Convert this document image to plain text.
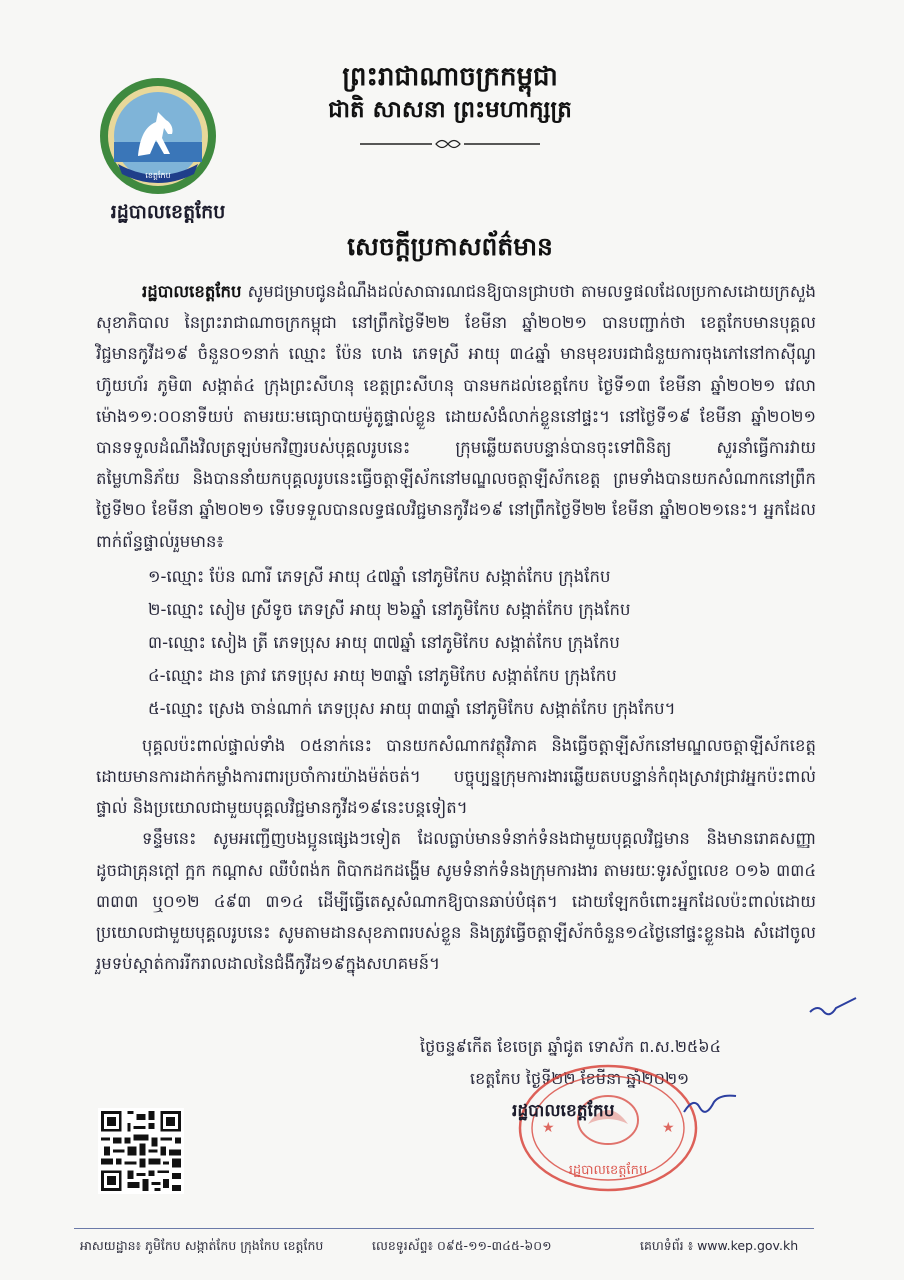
ខេត្តកែប
រដ្ឋបាលខេត្តកែប
ព្រះរាជាណាចក្រកម្ពុជា
ជាតិ សាសនា ព្រះមហាក្សត្រ
សេចក្តីប្រកាសព័ត៌មាន

រដ្ឋបាលខេត្តកែប សូមជម្រាបជូនដំណឹងដល់សាធារណជនឱ្យបានជ្រាបថា តាមលទ្ធផលដែលប្រកាសដោយក្រសួងសុខាភិបាល នៃព្រះរាជាណាចក្រកម្ពុជា នៅព្រឹកថ្ងៃទី២២ ខែមីនា ឆ្នាំ២០២១ បានបញ្ជាក់ថា ខេត្តកែបមានបុគ្គលវិជ្ជមានកូវីដ១៩ ចំនួន០១នាក់ ឈ្មោះ ប៉ែន ហេង ភេទស្រី អាយុ ៣៤ឆ្នាំ មានមុខរបរជាជំនួយការចុងភៅនៅកាស៊ីណូ ហ៊ូយហ័រ ភូមិ៣ សង្កាត់៤ ក្រុងព្រះសីហនុ ខេត្តព្រះសីហនុ បានមកដល់ខេត្តកែប ថ្ងៃទី១៣ ខែមីនា ឆ្នាំ២០២១ វេលាម៉ោង១១:០០នាទីយប់ តាមរយៈមធ្យោបាយម៉ូតូផ្ទាល់ខ្លួន ដោយសំងំលាក់ខ្លួននៅផ្ទះ។ នៅថ្ងៃទី១៩ ខែមីនា ឆ្នាំ២០២១ បានទទួលដំណឹងវិលត្រឡប់មកវិញរបស់បុគ្គលរូបនេះ ក្រុមឆ្លើយតបបន្ទាន់បានចុះទៅពិនិត្យ សួរនាំធ្វើការវាយតម្លៃហានិភ័យ និងបាននាំយកបុគ្គលរូបនេះធ្វើចត្តាឡីស័កនៅមណ្ឌលចត្តាឡីស័កខេត្ត ព្រមទាំងបានយកសំណាកនៅព្រឹកថ្ងៃទី២០ ខែមីនា ឆ្នាំ២០២១ ទើបទទួលបានលទ្ធផលវិជ្ជមានកូវីដ១៩ នៅព្រឹកថ្ងៃទី២២ ខែមីនា ឆ្នាំ២០២១នេះ។ អ្នកដែលពាក់ព័ន្ធផ្ទាល់រួមមាន៖

១-ឈ្មោះ ប៉ែន ណារី ភេទស្រី អាយុ ៤៧ឆ្នាំ នៅភូមិកែប សង្កាត់កែប ក្រុងកែប
២-ឈ្មោះ សៀម ស្រីទូច ភេទស្រី អាយុ ២៦ឆ្នាំ នៅភូមិកែប សង្កាត់កែប ក្រុងកែប
៣-ឈ្មោះ សៀង ត្រី ភេទប្រុស អាយុ ៣៧ឆ្នាំ នៅភូមិកែប សង្កាត់កែប ក្រុងកែប
៤-ឈ្មោះ ដាន ត្រាវ ភេទប្រុស អាយុ ២៣ឆ្នាំ នៅភូមិកែប សង្កាត់កែប ក្រុងកែប
៥-ឈ្មោះ ស្រេង ចាន់ណាក់ ភេទប្រុស អាយុ ៣៣ឆ្នាំ នៅភូមិកែប សង្កាត់កែប ក្រុងកែប។

បុគ្គលប៉ះពាល់ផ្ទាល់ទាំង ០៥នាក់នេះ បានយកសំណាកវត្ថុវិភាគ និងធ្វើចត្តាឡីស័កនៅមណ្ឌលចត្តាឡីស័កខេត្តដោយមានការដាក់កម្លាំងការពារប្រចាំការយ៉ាងម៉ត់ចត់។ បច្ចុប្បន្នក្រុមការងារឆ្លើយតបបន្ទាន់កំពុងស្រាវជ្រាវអ្នកប៉ះពាល់ផ្ទាល់ និងប្រយោលជាមួយបុគ្គលវិជ្ជមានកូវីដ១៩នេះបន្តទៀត។

ទន្ទឹមនេះ សូមអញ្ជើញបងប្អូនផ្សេងៗទៀត ដែលធ្លាប់មានទំនាក់ទំនងជាមួយបុគ្គលវិជ្ជមាន និងមានរោគសញ្ញា ដូចជាគ្រុនក្តៅ ក្អក កណ្តាស ឈឺបំពង់ក ពិបាកដកដង្ហើម សូមទំនាក់ទំនងក្រុមការងារ តាមរយៈទូរស័ព្ទលេខ ០១៦ ៣៣៤ ៣៣៣ ឬ០១២ ៤៩៣ ៣១៤ ដើម្បីធ្វើតេស្តសំណាកឱ្យបានឆាប់បំផុត។ ដោយឡែកចំពោះអ្នកដែលប៉ះពាល់ដោយប្រយោលជាមួយបុគ្គលរូបនេះ សូមតាមដានសុខភាពរបស់ខ្លួន និងត្រូវធ្វើចត្តាឡីស័កចំនួន១៤ថ្ងៃនៅផ្ទះខ្លួនឯង សំដៅចូលរួមទប់ស្កាត់ការរីករាលដាលនៃជំងឺកូវីដ១៩ក្នុងសហគមន៍។

ថ្ងៃចន្ទ៩កើត ខែចេត្រ ឆ្នាំជូត ទោស័ក ព.ស.២៥៦៤
ខេត្តកែប ថ្ងៃទី២២ ខែមីនា ឆ្នាំ២០២១
រដ្ឋបាលខេត្តកែប
★	★
រដ្ឋបាលខេត្តកែប
អាសយដ្ឋាន៖ ភូមិកែប សង្កាត់កែប ក្រុងកែប ខេត្តកែប	លេខទូរស័ព្ទ៖ ០៩៥-១១-៣៤៥-៦០១	គេហទំព័រ ៖ www.kep.gov.kh
